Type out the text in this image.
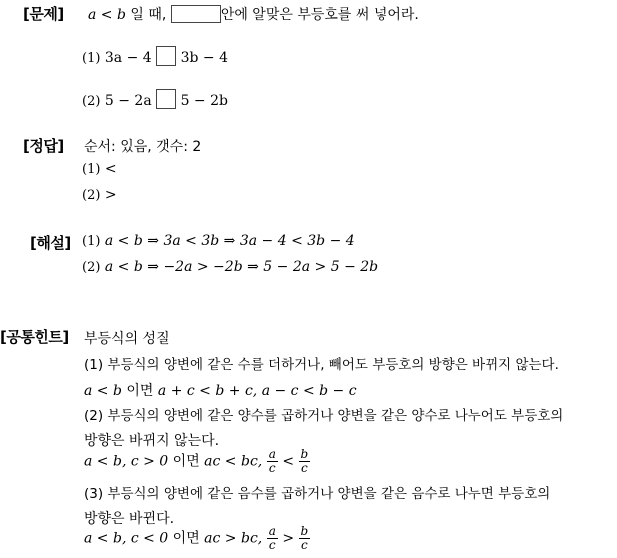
[문제] a < b 일 때,	안에 알맞은 부등호를 써 넣어라.
(1) 3a − 4 3b − 4
(2) 5 − 2a 5 − 2b
[정답] 순서: 있음, 갯수: 2
(1) <
(2) >
[해설] (1) a < b ⇒ 3a < 3b ⇒ 3a − 4 < 3b − 4
(2) a < b ⇒ −2a > −2b ⇒ 5 − 2a > 5 − 2b
[공통힌트] 부등식의 성질
(1) 부등식의 양변에 같은 수를 더하거나, 빼어도 부등호의 방향은 바뀌지 않는다.
a < b 이면 a + c < b + c, a − c < b − c
(2) 부등식의 양변에 같은 양수를 곱하거나 양변을 같은 양수로 나누어도 부등호의
방향은 바뀌지 않는다.
a < b, c > 0 이면 ac < bc, $\frac{a}{c} < \frac{b}{c}$
(3) 부등식의 양변에 같은 음수를 곱하거나 양변을 같은 음수로 나누면 부등호의
방향은 바뀐다.
a < b, c < 0 이면 ac > bc, $\frac{a}{c} > \frac{b}{c}$
